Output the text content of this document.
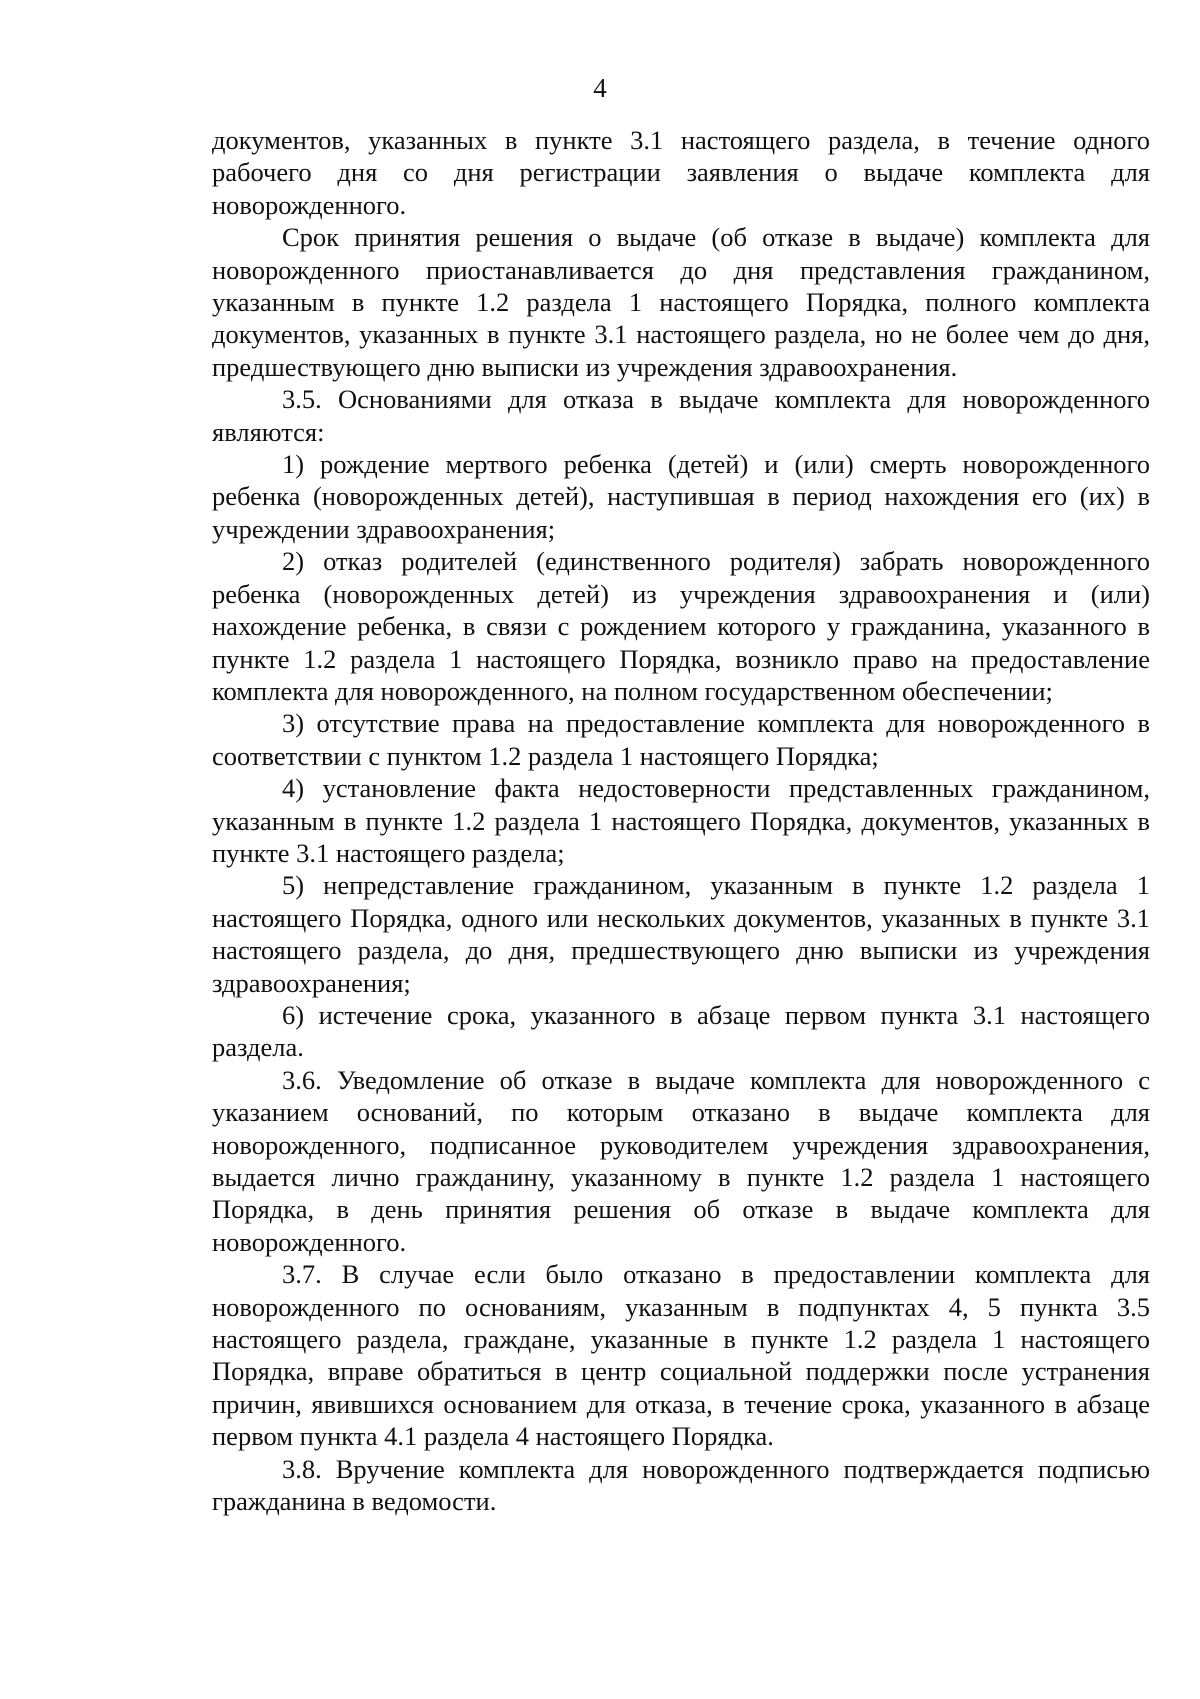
4

документов, указанных в пункте 3.1 настоящего раздела, в течение одного рабочего дня со дня регистрации заявления о выдаче комплекта для новорожденного.

Срок принятия решения о выдаче (об отказе в выдаче) комплекта для новорожденного приостанавливается до дня представления гражданином, указанным в пункте 1.2 раздела 1 настоящего Порядка, полного комплекта документов, указанных в пункте 3.1 настоящего раздела, но не более чем до дня, предшествующего дню выписки из учреждения здравоохранения.

3.5. Основаниями для отказа в выдаче комплекта для новорожденного являются:

1) рождение мертвого ребенка (детей) и (или) смерть новорожденного ребенка (новорожденных детей), наступившая в период нахождения его (их) в учреждении здравоохранения;

2) отказ родителей (единственного родителя) забрать новорожденного ребенка (новорожденных детей) из учреждения здравоохранения и (или) нахождение ребенка, в связи с рождением которого у гражданина, указанного в пункте 1.2 раздела 1 настоящего Порядка, возникло право на предоставление комплекта для новорожденного, на полном государственном обеспечении;

3) отсутствие права на предоставление комплекта для новорожденного в соответствии с пунктом 1.2 раздела 1 настоящего Порядка;

4) установление факта недостоверности представленных гражданином, указанным в пункте 1.2 раздела 1 настоящего Порядка, документов, указанных в пункте 3.1 настоящего раздела;

5) непредставление гражданином, указанным в пункте 1.2 раздела 1 настоящего Порядка, одного или нескольких документов, указанных в пункте 3.1 настоящего раздела, до дня, предшествующего дню выписки из учреждения здравоохранения;

6) истечение срока, указанного в абзаце первом пункта 3.1 настоящего раздела.

3.6. Уведомление об отказе в выдаче комплекта для новорожденного с указанием оснований, по которым отказано в выдаче комплекта для новорожденного, подписанное руководителем учреждения здравоохранения, выдается лично гражданину, указанному в пункте 1.2 раздела 1 настоящего Порядка, в день принятия решения об отказе в выдаче комплекта для новорожденного.

3.7. В случае если было отказано в предоставлении комплекта для новорожденного по основаниям, указанным в подпунктах 4, 5 пункта 3.5 настоящего раздела, граждане, указанные в пункте 1.2 раздела 1 настоящего Порядка, вправе обратиться в центр социальной поддержки после устранения причин, явившихся основанием для отказа, в течение срока, указанного в абзаце первом пункта 4.1 раздела 4 настоящего Порядка.

3.8. Вручение комплекта для новорожденного подтверждается подписью гражданина в ведомости.
